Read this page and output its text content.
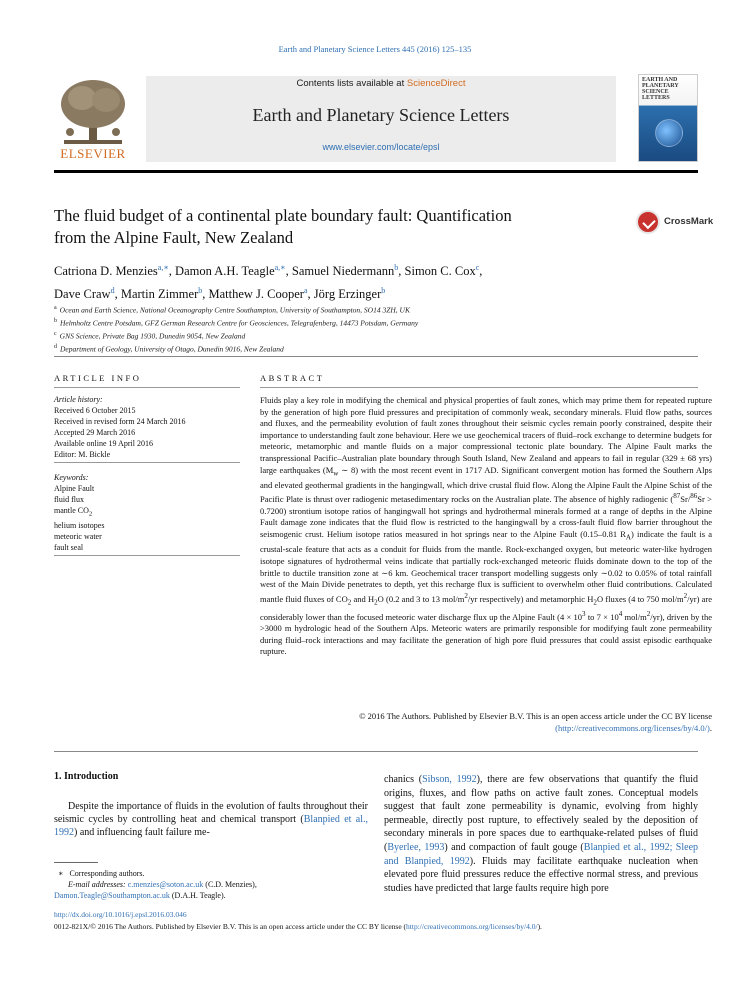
Earth and Planetary Science Letters 445 (2016) 125–135
ELSEVIER
Contents lists available at ScienceDirect
Earth and Planetary Science Letters
www.elsevier.com/locate/epsl
EARTH AND PLANETARY SCIENCE LETTERS
The fluid budget of a continental plate boundary fault: Quantification
from the Alpine Fault, New Zealand
CrossMark
Catriona D. Menzies$^{a,∗}$, Damon A.H. Teagle$^{a,∗}$, Samuel Niedermann$^b$, Simon C. Cox$^c$,
Dave Craw$^d$, Martin Zimmer$^b$, Matthew J. Cooper$^a$, Jörg Erzinger$^b$
$^a$ Ocean and Earth Science, National Oceanography Centre Southampton, University of Southampton, SO14 3ZH, UK
$^b$ Helmholtz Centre Potsdam, GFZ German Research Centre for Geosciences, Telegrafenberg, 14473 Potsdam, Germany
$^c$ GNS Science, Private Bag 1930, Dunedin 9054, New Zealand
$^d$ Department of Geology, University of Otago, Dunedin 9016, New Zealand
ARTICLE INFO
Article history:
Received 6 October 2015
Received in revised form 24 March 2016
Accepted 29 March 2016
Available online 19 April 2016
Editor: M. Bickle
Keywords:
Alpine Fault
fluid flux
mantle $CO_2$
helium isotopes
meteoric water
fault seal
ABSTRACT
Fluids play a key role in modifying the chemical and physical properties of fault zones, which may prime them for repeated rupture by the generation of high pore fluid pressures and precipitation of commonly weak, secondary minerals. Fluid flow paths, sources and fluxes, and the permeability evolution of fault zones throughout their seismic cycles remain poorly constrained, despite their importance to understanding fault zone behaviour. Here we use geochemical tracers of fluid–rock exchange to determine budgets for meteoric, metamorphic and mantle fluids on a major compressional tectonic plate boundary. The Alpine Fault marks the transpressional Pacific–Australian plate boundary through South Island, New Zealand and appears to fail in regular (329 ± 68 yrs) large earthquakes ($M_w$ ∼ 8) with the most recent event in 1717 AD. Significant convergent motion has formed the Southern Alps and elevated geothermal gradients in the hangingwall, which drive crustal fluid flow. Along the Alpine Fault the Alpine Schist of the Pacific Plate is thrust over radiogenic metasedimentary rocks on the Australian plate. The absence of highly radiogenic ($^{87}$Sr/$^{86}$Sr > 0.7200) strontium isotope ratios of hangingwall hot springs and hydrothermal minerals formed at a range of depths in the Alpine Fault damage zone indicates that the fluid flow is restricted to the hangingwall by a cross-fault fluid flow barrier throughout the seismogenic crust. Helium isotope ratios measured in hot springs near to the Alpine Fault (0.15–0.81 $R_A$) indicate the fault is a crustal-scale feature that acts as a conduit for fluids from the mantle. Rock-exchanged oxygen, but meteoric water-like hydrogen isotope signatures of hydrothermal veins indicate that partially rock-exchanged meteoric fluids dominate down to the top of the brittle to ductile transition zone at ∼6 km. Geochemical tracer transport modelling suggests only ∼0.02 to 0.05% of total rainfall west of the Main Divide penetrates to depth, yet this recharge flux is sufficient to overwhelm other fluid contributions. Calculated mantle fluid fluxes of $CO_2$ and $H_2O$ (0.2 and 3 to 13 mol/$m^2/yr$ respectively) and metamorphic $H_2O$ fluxes (4 to 750 mol/$m^2/yr$) are considerably lower than the focused meteoric water discharge flux up the Alpine Fault ($4 \times 10^3$ to $7 \times 10^4$ mol/$m^2/yr$), driven by the >3000 m hydrologic head of the Southern Alps. Meteoric waters are primarily responsible for modifying fault zone permeability during fluid–rock interactions and may facilitate the generation of high pore fluid pressures that could assist episodic earthquake rupture.
© 2016 The Authors. Published by Elsevier B.V. This is an open access article under the CC BY license
(http://creativecommons.org/licenses/by/4.0/).
1. Introduction
Despite the importance of fluids in the evolution of faults throughout their seismic cycles by controlling heat and chemical transport (Blanpied et al., 1992) and influencing fault failure me-
chanics (Sibson, 1992), there are few observations that quantify the fluid origins, fluxes, and flow paths on active fault zones. Conceptual models suggest that fault zone permeability is dynamic, evolving from highly permeable, directly post rupture, to effectively sealed by the deposition of secondary minerals in pore spaces due to earthquake-related pulses of fluid (Byerlee, 1993) and compaction of fault gouge (Blanpied et al., 1992; Sleep and Blanpied, 1992). Fluids may facilitate earthquake nucleation when elevated pore fluid pressures reduce the effective normal stress, and previous studies have predicted that large faults require high pore
∗ Corresponding authors.
E-mail addresses: c.menzies@soton.ac.uk (C.D. Menzies),
Damon.Teagle@Southampton.ac.uk (D.A.H. Teagle).
http://dx.doi.org/10.1016/j.epsl.2016.03.046
0012-821X/© 2016 The Authors. Published by Elsevier B.V. This is an open access article under the CC BY license (http://creativecommons.org/licenses/by/4.0/).
